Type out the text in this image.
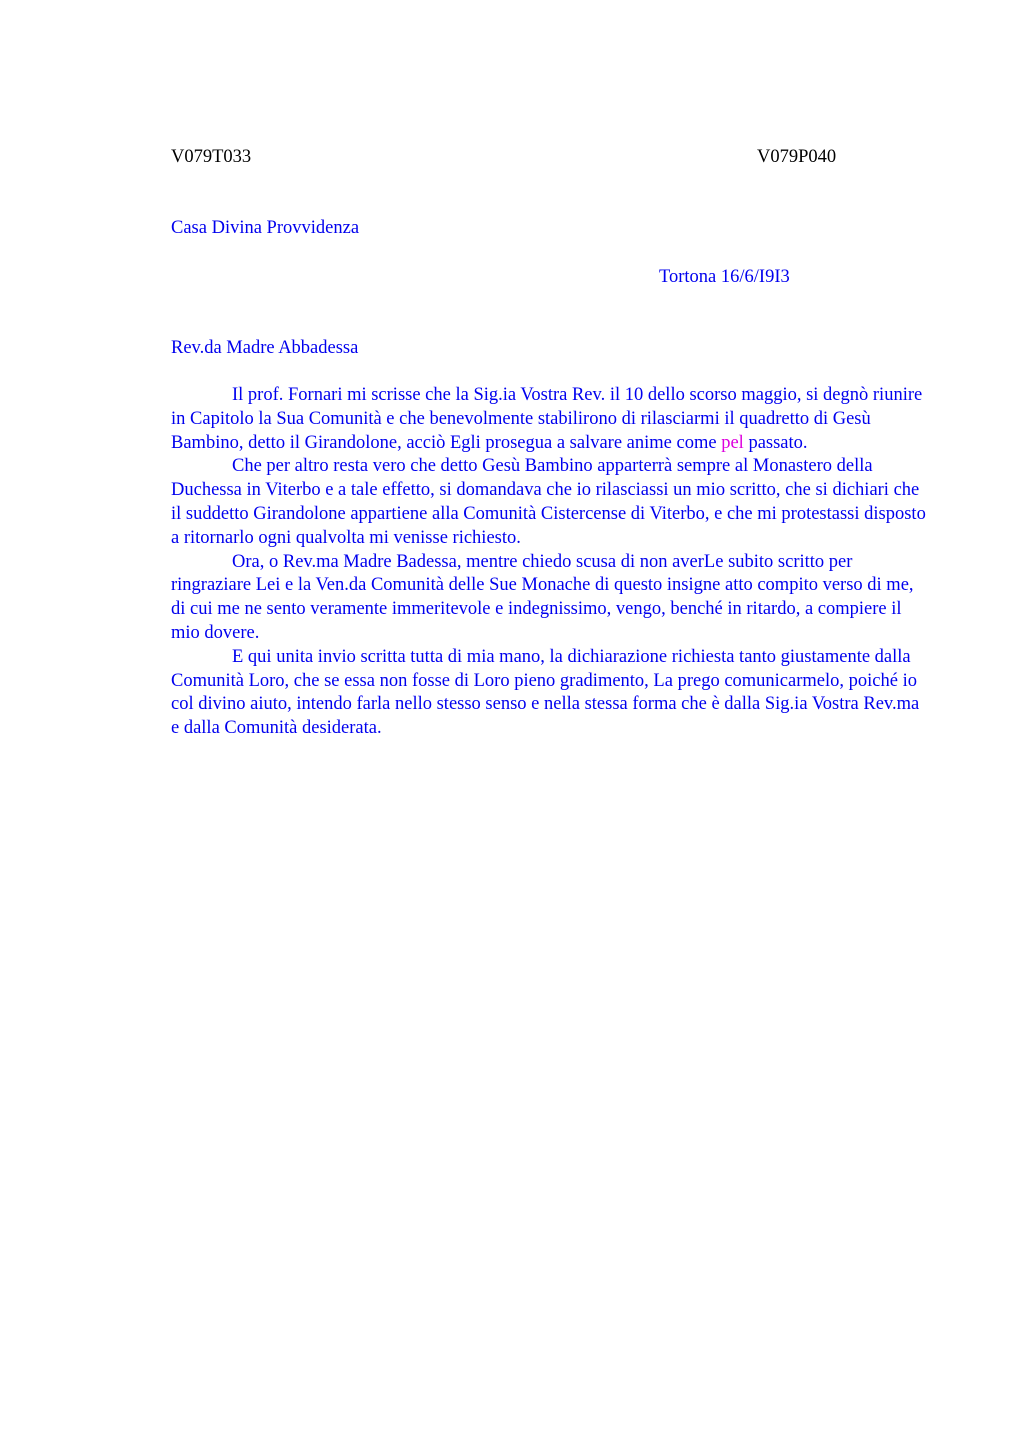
V079T033	V079P040
Casa Divina Provvidenza
Tortona 16/6/I9I3
Rev.da Madre Abbadessa

Il prof. Fornari mi scrisse che la Sig.ia Vostra Rev. il 10 dello scorso maggio, si degnò riunire in Capitolo la Sua Comunità e che benevolmente stabilirono di rilasciarmi il quadretto di Gesù Bambino, detto il Girandolone, acciò Egli prosegua a salvare anime come pel passato.

Che per altro resta vero che detto Gesù Bambino apparterrà sempre al Monastero della Duchessa in Viterbo e a tale effetto, si domandava che io rilasciassi un mio scritto, che si dichiari che il suddetto Girandolone appartiene alla Comunità Cistercense di Viterbo, e che mi protestassi disposto a ritornarlo ogni qualvolta mi venisse richiesto.

Ora, o Rev.ma Madre Badessa, mentre chiedo scusa di non averLe subito scritto per ringraziare Lei e la Ven.da Comunità delle Sue Monache di questo insigne atto compito verso di me, di cui me ne sento veramente immeritevole e indegnissimo, vengo, benché in ritardo, a compiere il mio dovere.

E qui unita invio scritta tutta di mia mano, la dichiarazione richiesta tanto giustamente dalla Comunità Loro, che se essa non fosse di Loro pieno gradimento, La prego comunicarmelo, poiché io col divino aiuto, intendo farla nello stesso senso e nella stessa forma che è dalla Sig.ia Vostra Rev.ma e dalla Comunità desiderata.
